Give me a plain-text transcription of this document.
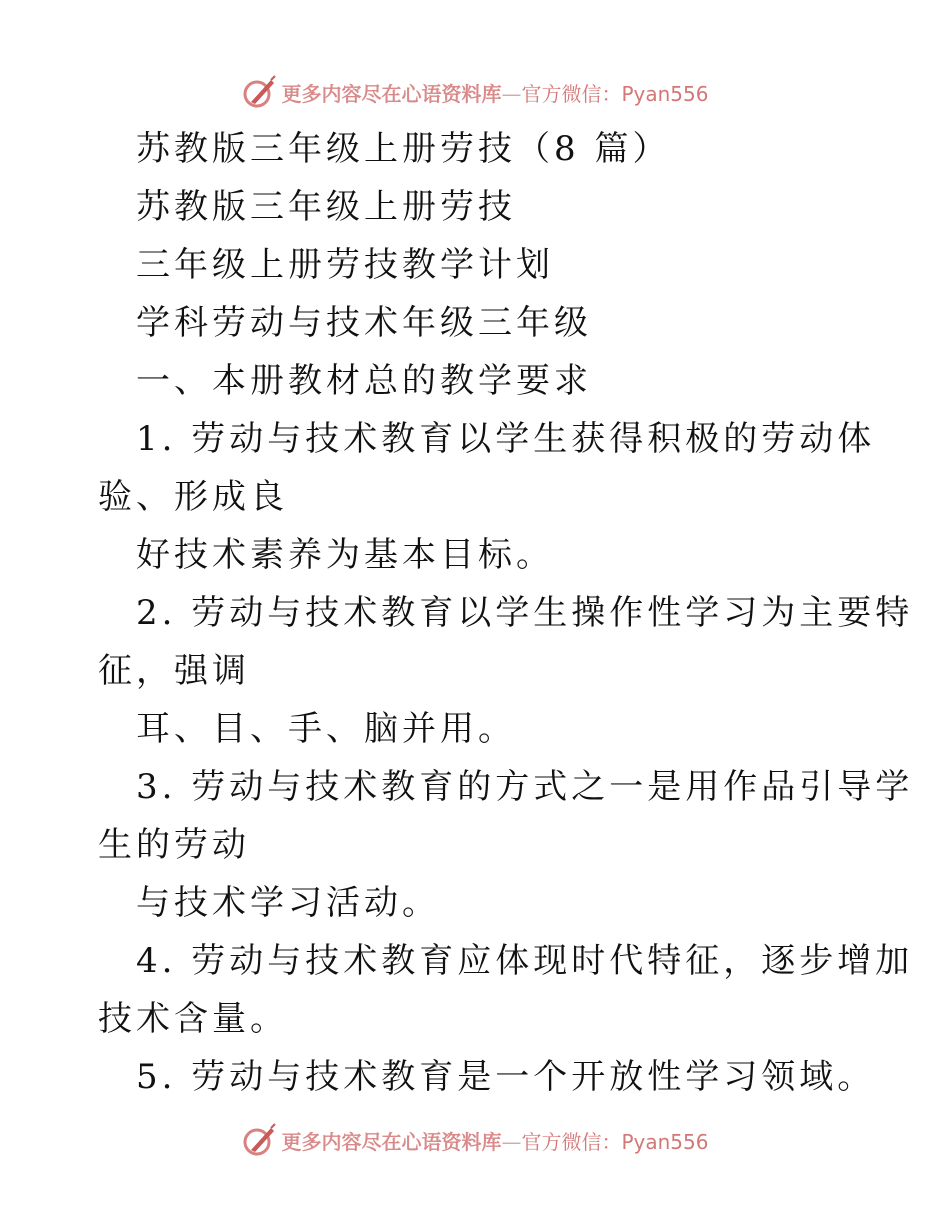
更多内容尽在心语资料库—官方微信：Pyan556
苏教版三年级上册劳技（8 篇）
苏教版三年级上册劳技
三年级上册劳技教学计划
学科劳动与技术年级三年级
一、本册教材总的教学要求
1. 劳动与技术教育以学生获得积极的劳动体
验、形成良
好技术素养为基本目标。
2. 劳动与技术教育以学生操作性学习为主要特
征，强调
耳、目、手、脑并用。
3. 劳动与技术教育的方式之一是用作品引导学
生的劳动
与技术学习活动。
4. 劳动与技术教育应体现时代特征，逐步增加
技术含量。
5. 劳动与技术教育是一个开放性学习领域。
更多内容尽在心语资料库—官方微信：Pyan556
